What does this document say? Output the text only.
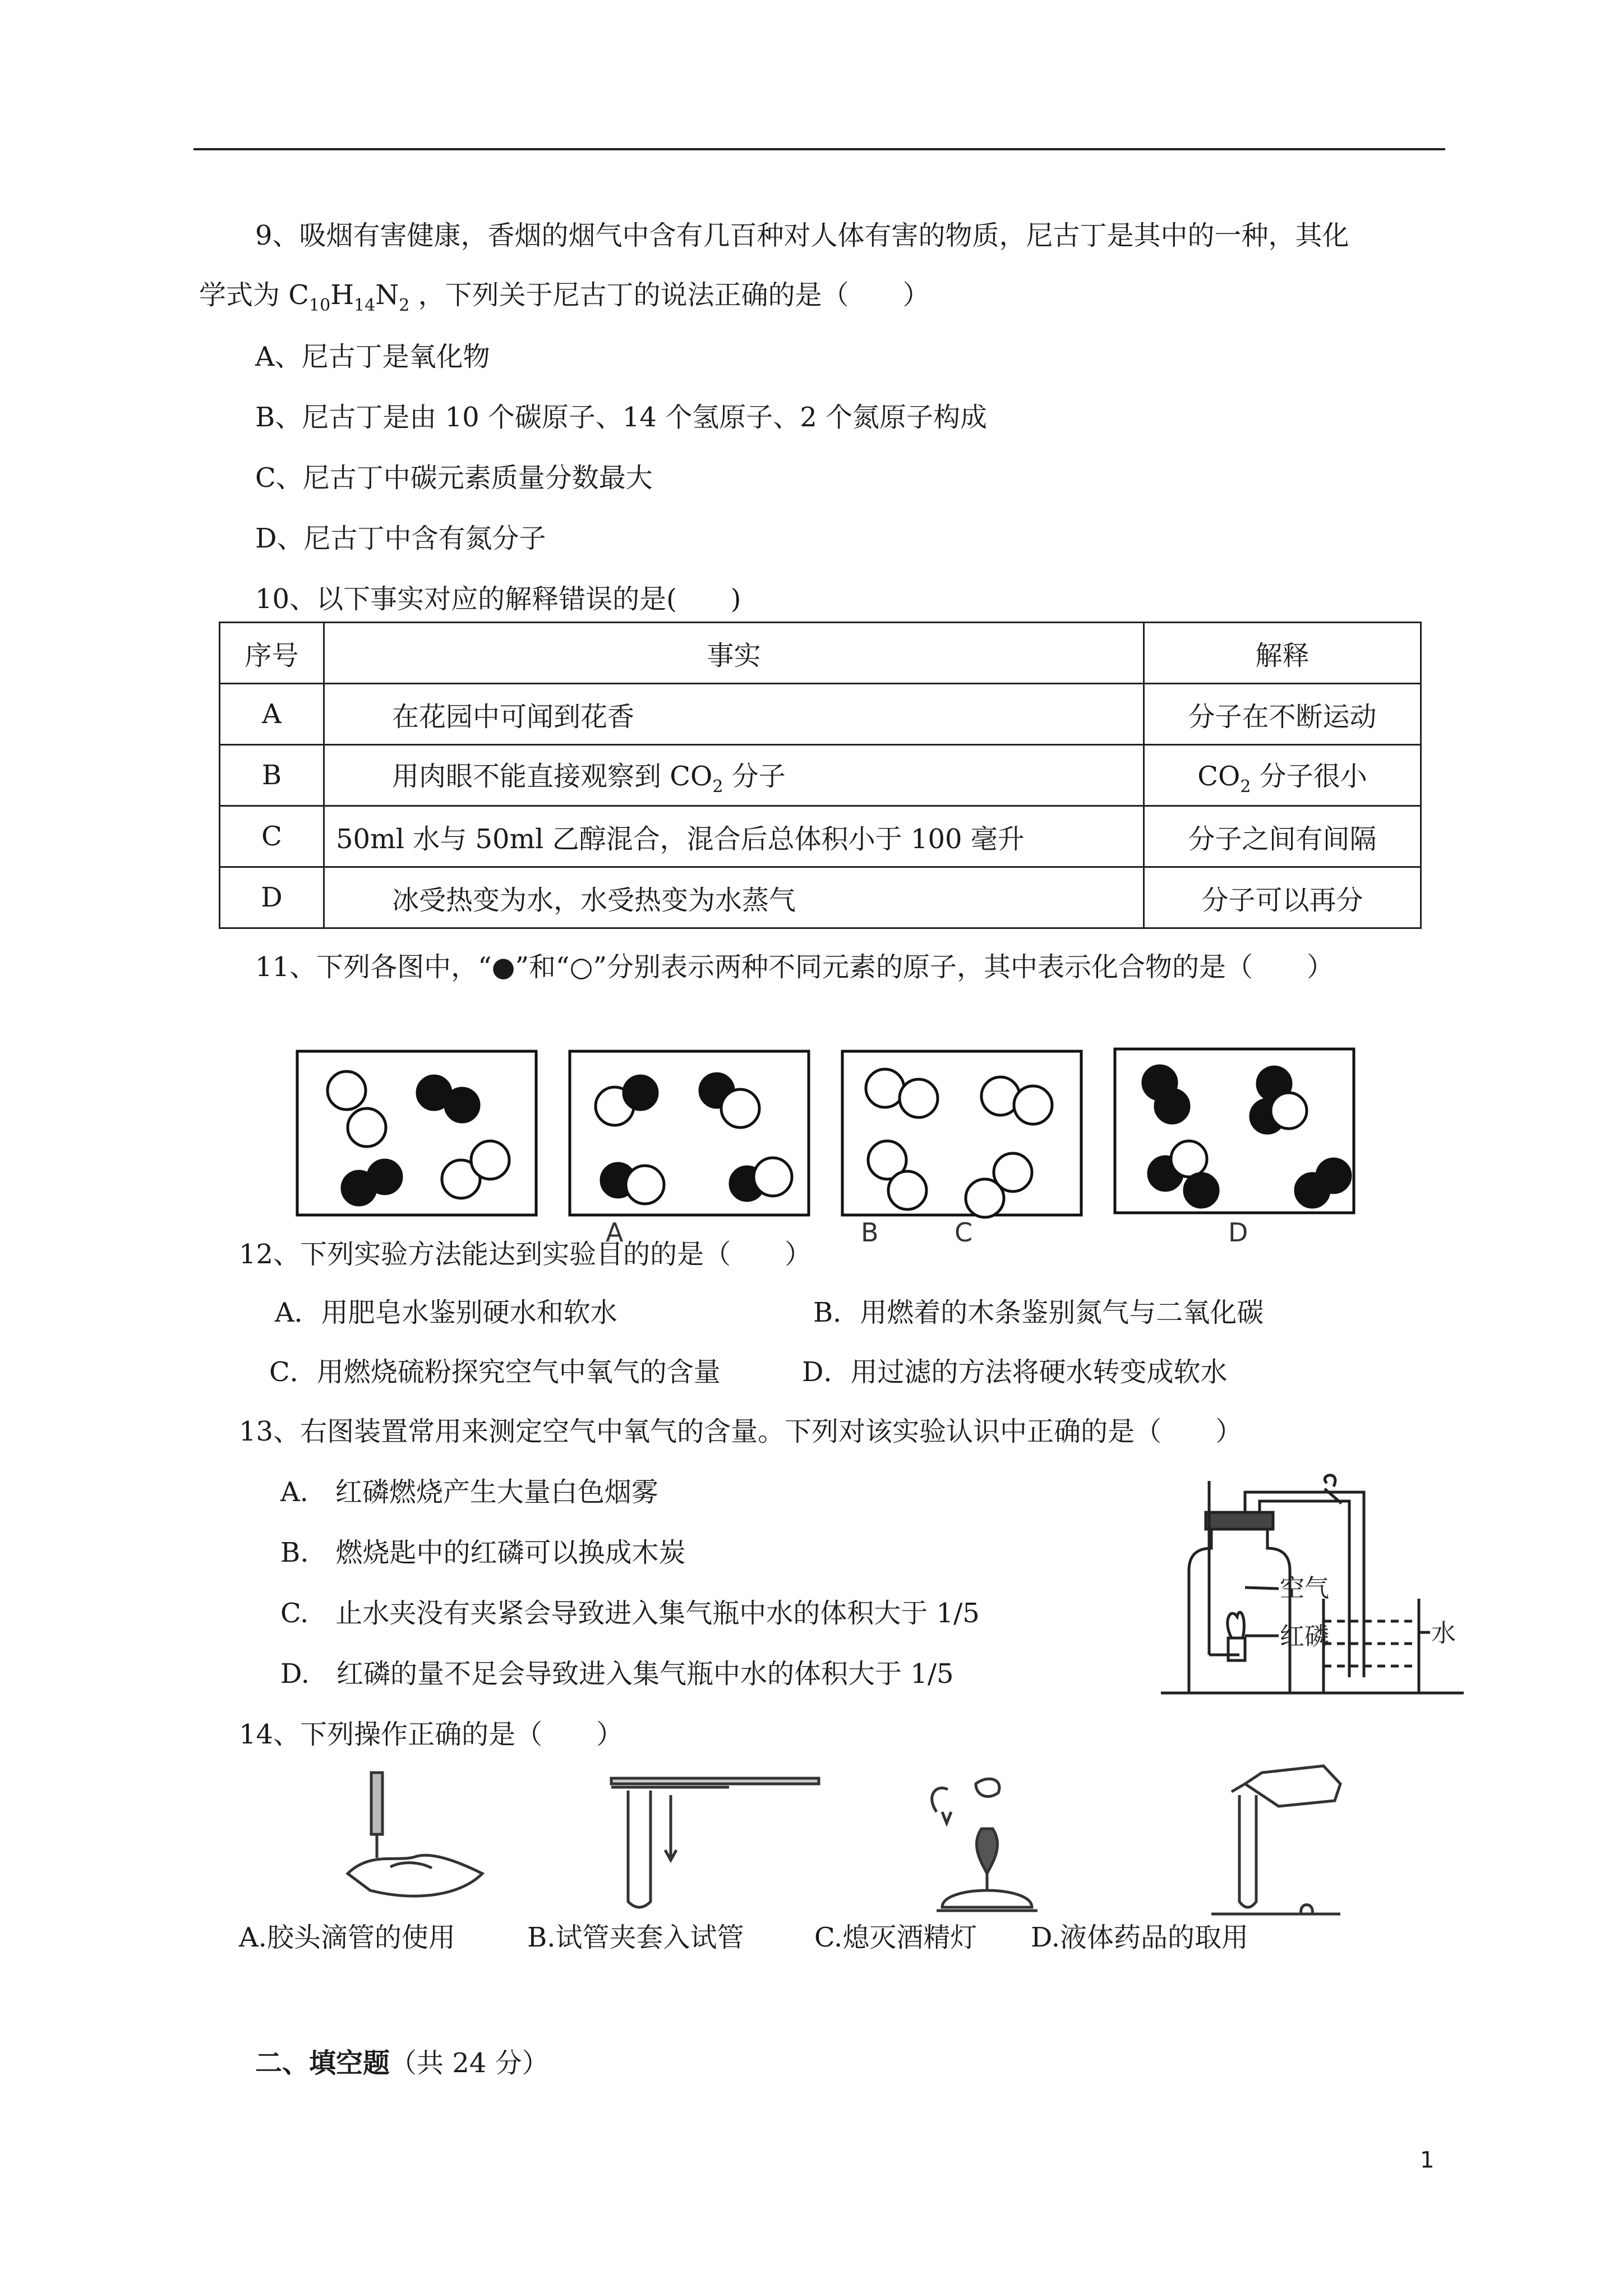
9、吸烟有害健康，香烟的烟气中含有几百种对人体有害的物质，尼古丁是其中的一种，其化
学式为 $C_{10}H_{14}N_2$ ，下列关于尼古丁的说法正确的是（　　）
A、尼古丁是氧化物
B、尼古丁是由 10 个碳原子、14 个氢原子、2 个氮原子构成
C、尼古丁中碳元素质量分数最大
D、尼古丁中含有氮分子
10、以下事实对应的解释错误的是(　　)
序号	事实	解释
A	在花园中可闻到花香	分子在不断运动
B	用肉眼不能直接观察到 $CO_2$ 分子	$CO_2$ 分子很小
C	50ml 水与 50ml 乙醇混合，混合后总体积小于 100 毫升	分子之间有间隔
D	冰受热变为水，水受热变为水蒸气	分子可以再分
11、下列各图中，“●”和“○”分别表示两种不同元素的原子，其中表示化合物的是（　　）
A	B	C	D
12、下列实验方法能达到实验目的的是（　　）
A．用肥皂水鉴别硬水和软水	B．用燃着的木条鉴别氮气与二氧化碳
C．用燃烧硫粉探究空气中氧气的含量	D．用过滤的方法将硬水转变成软水
13、右图装置常用来测定空气中氧气的含量。下列对该实验认识中正确的是（　　）
A.　红磷燃烧产生大量白色烟雾
B.　燃烧匙中的红磷可以换成木炭
C.　止水夹没有夹紧会导致进入集气瓶中水的体积大于 1/5
D.　红磷的量不足会导致进入集气瓶中水的体积大于 1/5
空气
红磷	水
14、下列操作正确的是（　　）
A.胶头滴管的使用	B.试管夹套入试管	C.熄灭酒精灯 D.液体药品的取用
二、填空题（共 24 分）
1
